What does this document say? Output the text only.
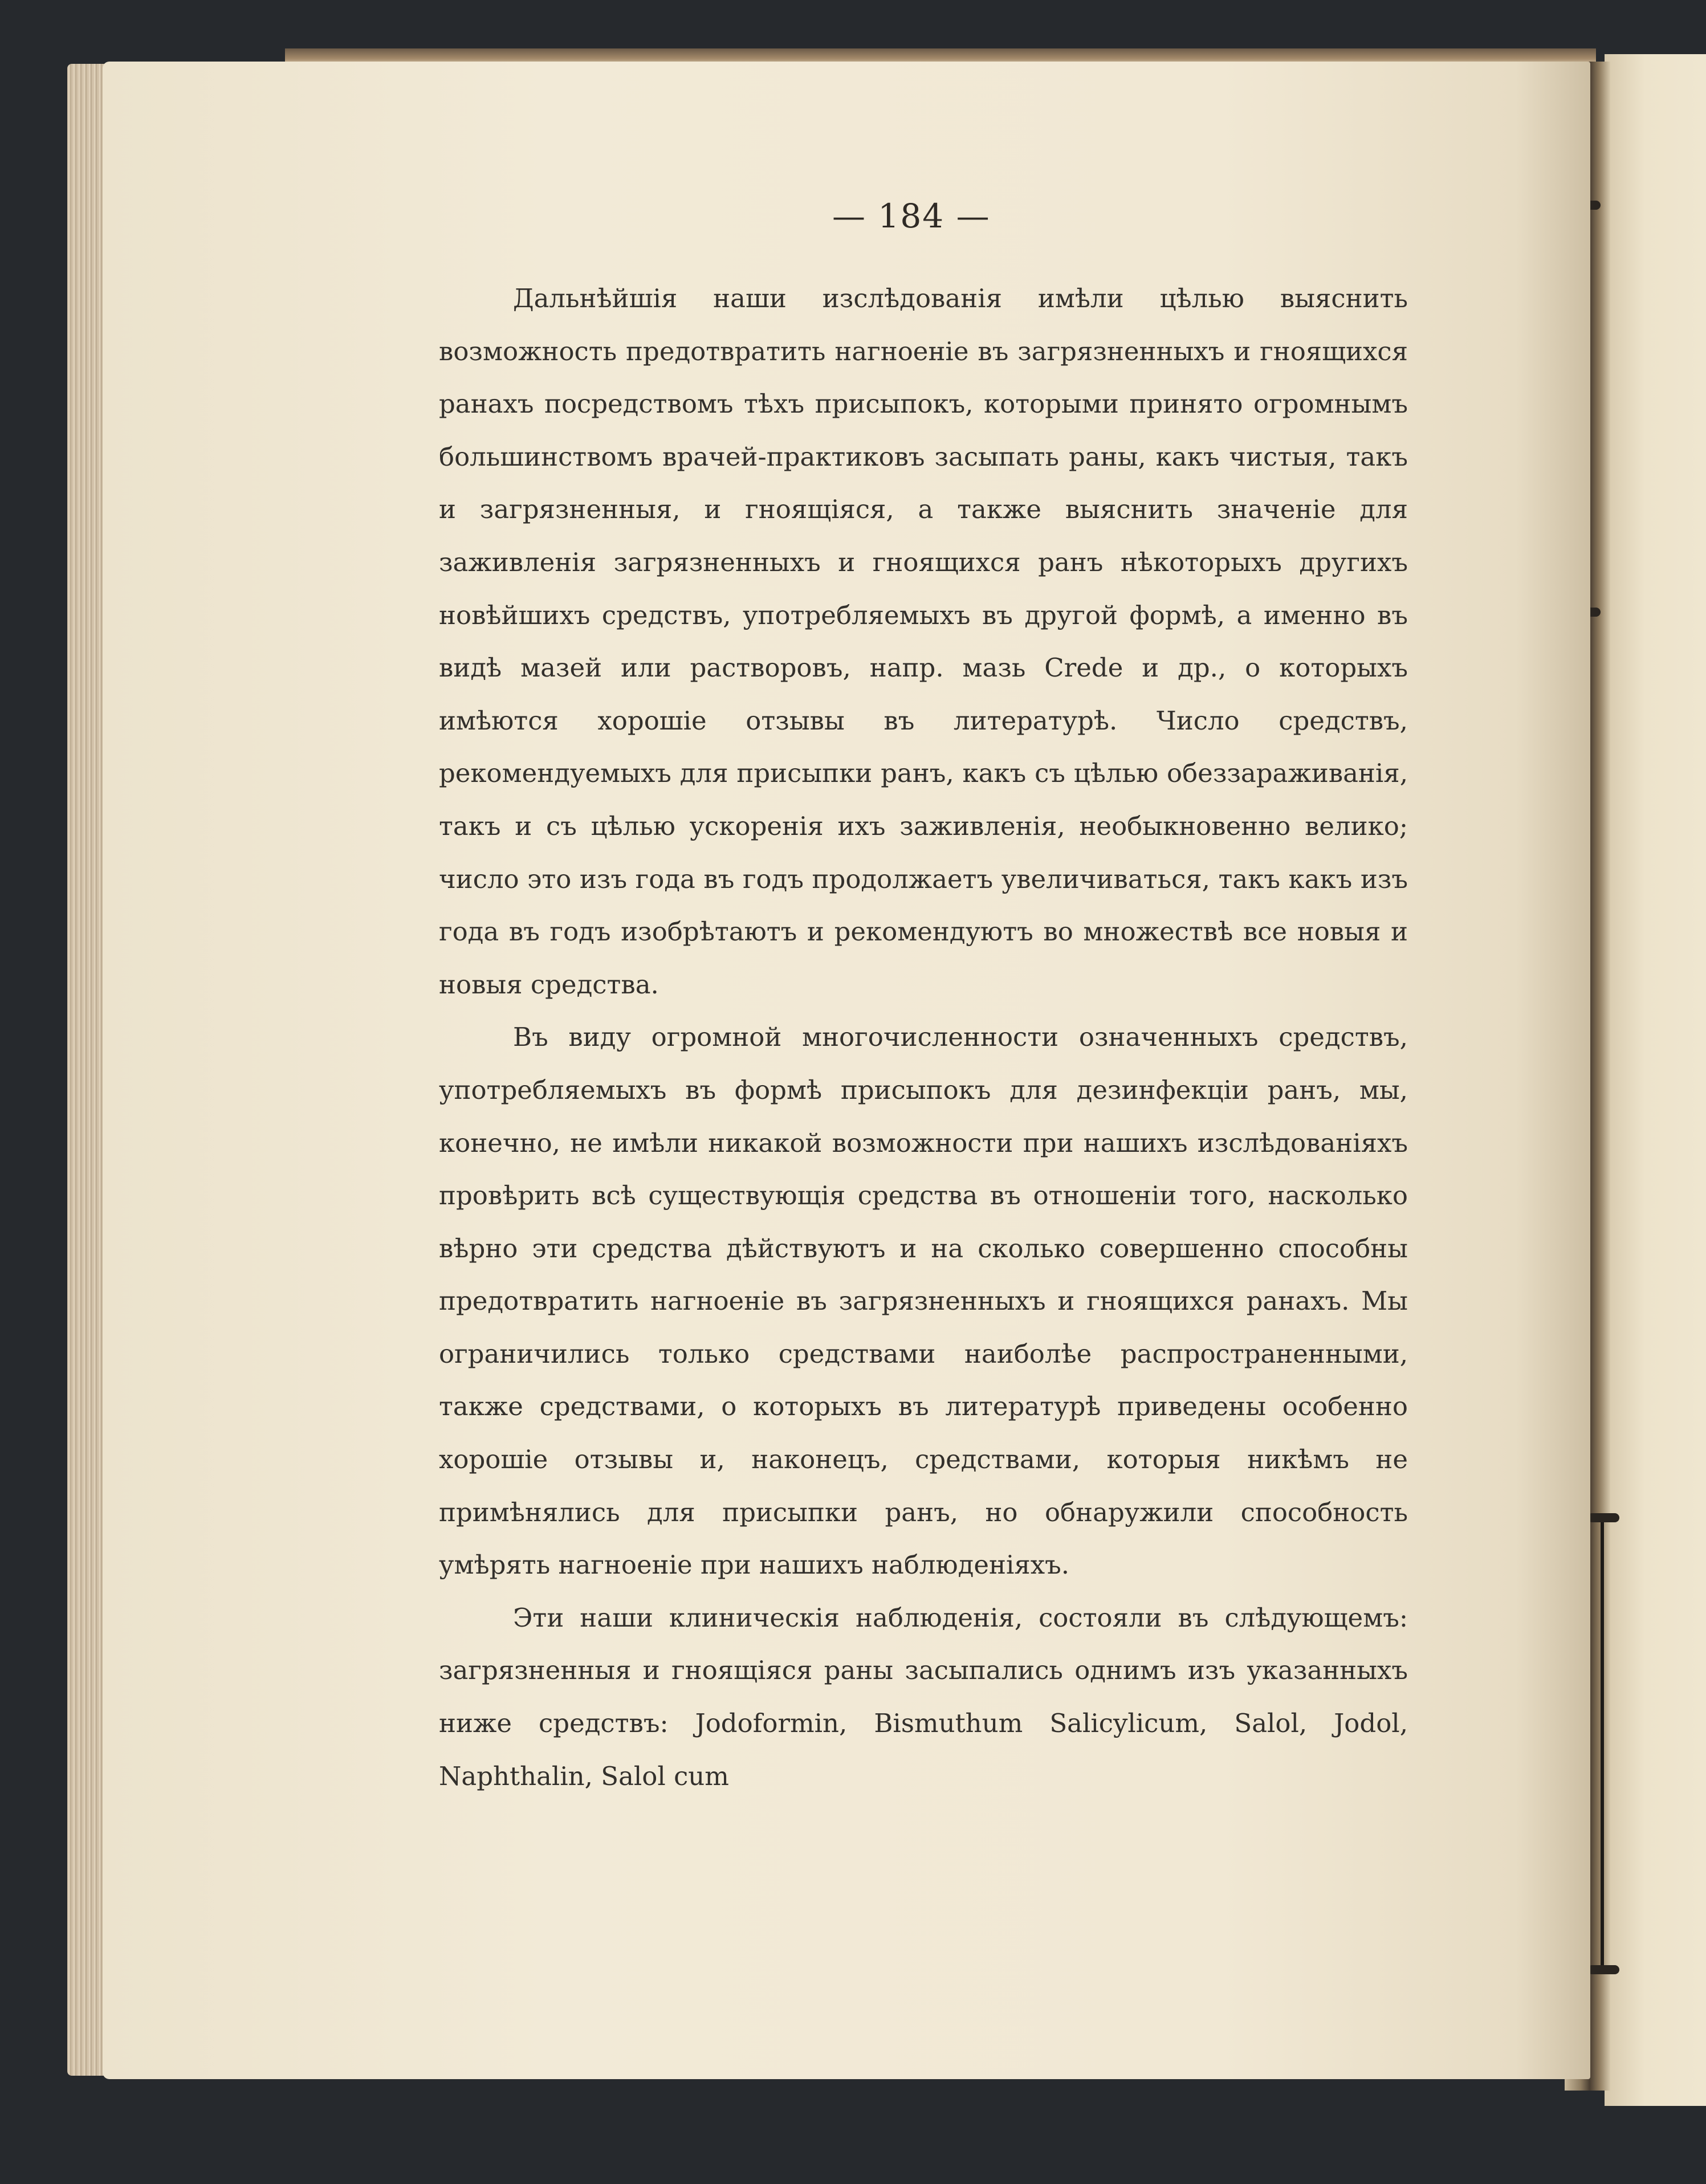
— 184 —

Дальнѣйшія наши изслѣдованія имѣли цѣлью выяснить возможность предотвратить нагноеніе въ загрязненныхъ и гноящихся ранахъ посредствомъ тѣхъ присыпокъ, которыми принято огромнымъ большинствомъ врачей-практиковъ засыпать раны, какъ чистыя, такъ и загрязненныя, и гноящіяся, а также выяснить значеніе для заживленія загрязненныхъ и гноящихся ранъ нѣкоторыхъ другихъ новѣйшихъ средствъ, употребляемыхъ въ другой формѣ, а именно въ видѣ мазей или растворовъ, напр. мазь Crede и др., о которыхъ имѣются хорошіе отзывы въ литературѣ. Число средствъ, рекомендуемыхъ для присыпки ранъ, какъ съ цѣлью обеззараживанія, такъ и съ цѣлью ускоренія ихъ заживленія, необыкновенно велико; число это изъ года въ годъ продолжаетъ увеличиваться, такъ какъ изъ года въ годъ изобрѣтаютъ и рекомендуютъ во множествѣ все новыя и новыя средства.

Въ виду огромной многочисленности означенныхъ средствъ, употребляемыхъ въ формѣ присыпокъ для дезинфекціи ранъ, мы, конечно, не имѣли никакой возможности при нашихъ изслѣдованіяхъ провѣрить всѣ существующія средства въ отношеніи того, насколько вѣрно эти средства дѣйствуютъ и на сколько совершенно способны предотвратить нагноеніе въ загрязненныхъ и гноящихся ранахъ. Мы ограничились только средствами наиболѣе распространенными, также средствами, о которыхъ въ литературѣ приведены особенно хорошіе отзывы и, наконецъ, средствами, которыя никѣмъ не примѣнялись для присыпки ранъ, но обнаружили способность умѣрять нагноеніе при нашихъ наблюденіяхъ.

Эти наши клиническія наблюденія, состояли въ слѣдующемъ: загрязненныя и гноящіяся раны засыпались однимъ изъ указанныхъ ниже средствъ: Jodoformin, Bismuthum Salicylicum, Salol, Jodol, Naphthalin, Salol cum
